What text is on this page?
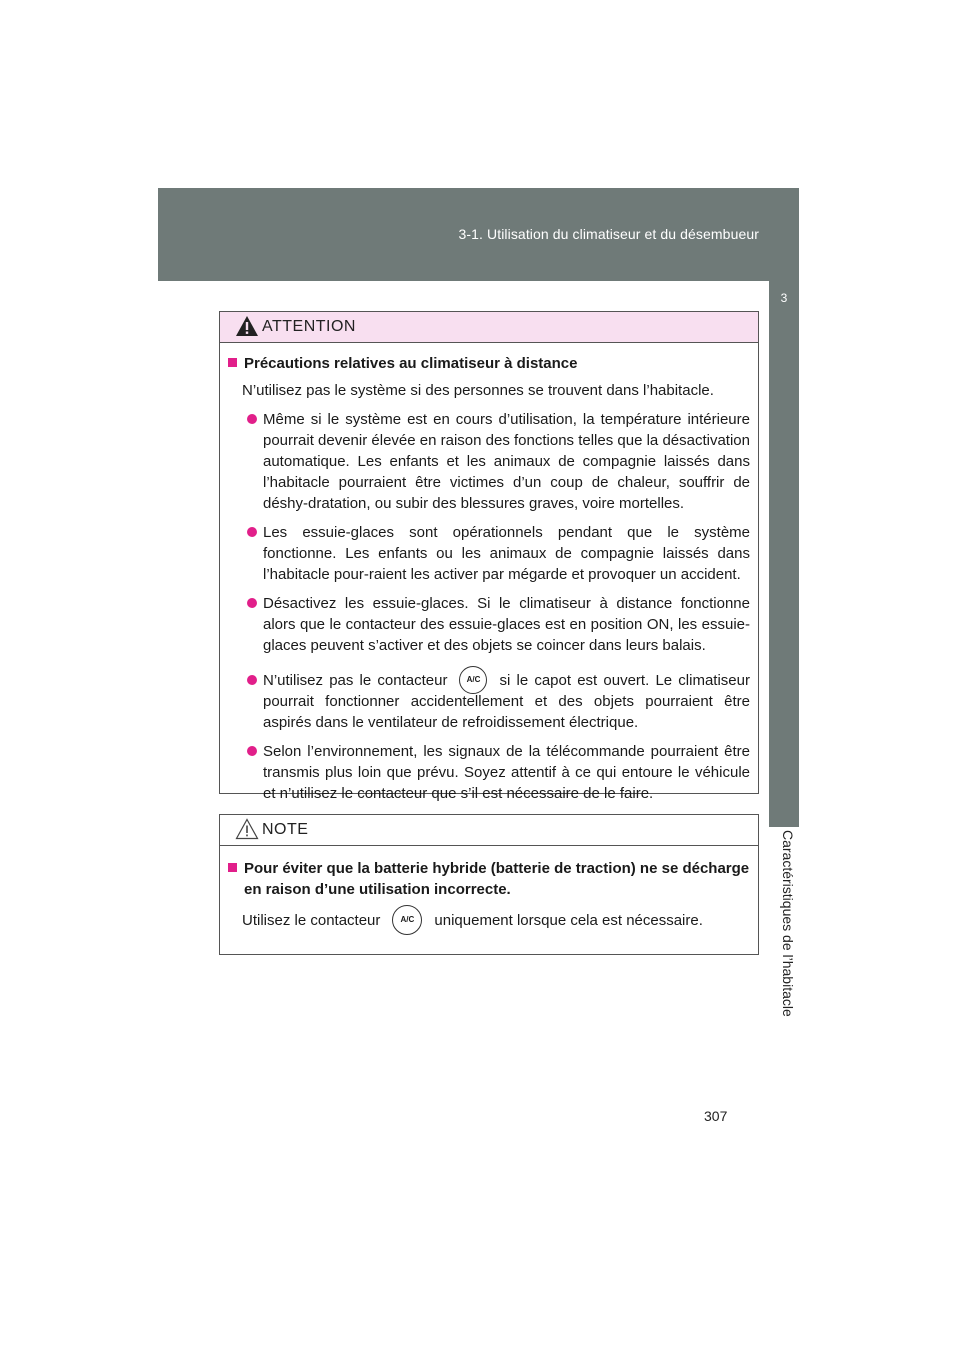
3-1. Utilisation du climatiseur et du désembueur
3
Caractéristiques de l’habitacle
ATTENTION
Précautions relatives au climatiseur à distance
N’utilisez pas le système si des personnes se trouvent dans l’habitacle.
Même si le système est en cours d’utilisation, la température intérieure pourrait devenir élevée en raison des fonctions telles que la désactivation automatique. Les enfants et les animaux de compagnie laissés dans l’habitacle pourraient être victimes d’un coup de chaleur, souffrir de déshy-dratation, ou subir des blessures graves, voire mortelles.
Les essuie-glaces sont opérationnels pendant que le système fonctionne. Les enfants ou les animaux de compagnie laissés dans l’habitacle pour-raient les activer par mégarde et provoquer un accident.
Désactivez les essuie-glaces. Si le climatiseur à distance fonctionne alors que le contacteur des essuie-glaces est en position ON, les essuie-glaces peuvent s’activer et des objets se coincer dans leurs balais.
N’utilisez pas le contacteur A/C si le capot est ouvert. Le climatiseur pourrait fonctionner accidentellement et des objets pourraient être aspirés dans le ventilateur de refroidissement électrique.
Selon l’environnement, les signaux de la télécommande pourraient être transmis plus loin que prévu. Soyez attentif à ce qui entoure le véhicule et n’utilisez le contacteur que s’il est nécessaire de le faire.
NOTE
Pour éviter que la batterie hybride (batterie de traction) ne se décharge en raison d’une utilisation incorrecte.
Utilisez le contacteur	A/C uniquement lorsque cela est nécessaire.
307
